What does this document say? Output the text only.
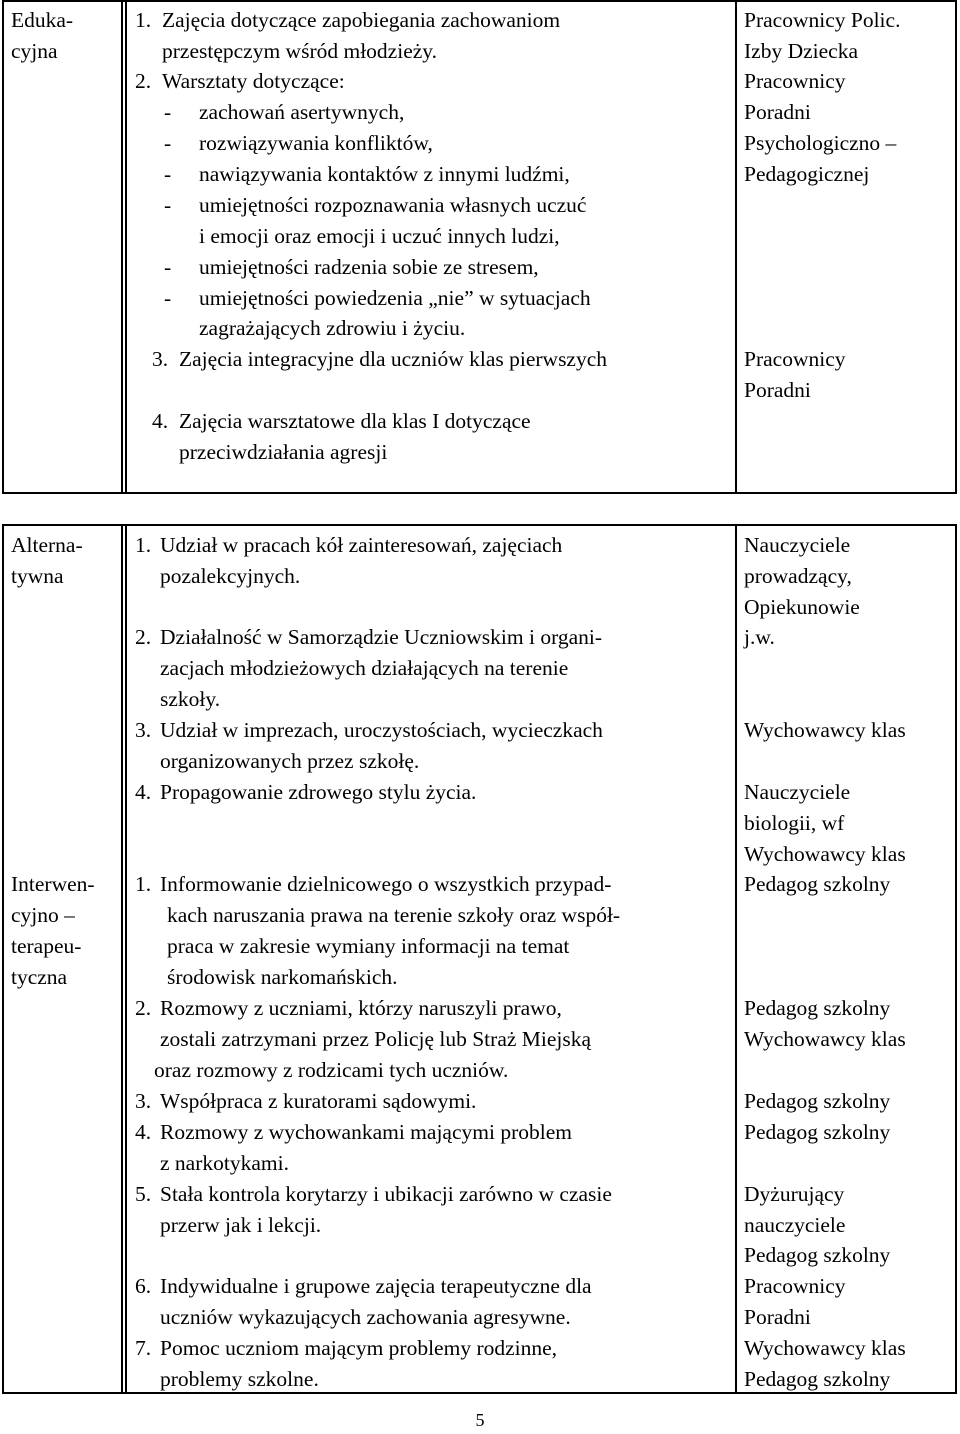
Eduka-
cyjna
1. Zajęcia dotyczące zapobiegania zachowaniom
przestępczym wśród młodzieży.
2. Warsztaty dotyczące:
- zachowań asertywnych,
- rozwiązywania konfliktów,
- nawiązywania kontaktów z innymi ludźmi,
- umiejętności rozpoznawania własnych uczuć
i emocji oraz emocji i uczuć innych ludzi,
- umiejętności radzenia sobie ze stresem,
- umiejętności powiedzenia „nie” w sytuacjach
zagrażających zdrowiu i życiu.
3. Zajęcia integracyjne dla uczniów klas pierwszych
4. Zajęcia warsztatowe dla klas I dotyczące
przeciwdziałania agresji
Pracownicy Polic.
Izby Dziecka
Pracownicy
Poradni
Psychologiczno –
Pedagogicznej
Pracownicy
Poradni
Alterna-
tywna
Interwen-
cyjno –
terapeu-
tyczna
1. Udział w pracach kół zainteresowań, zajęciach
pozalekcyjnych.
2. Działalność w Samorządzie Uczniowskim i organi-
zacjach młodzieżowych działających na terenie
szkoły.
3. Udział w imprezach, uroczystościach, wycieczkach
organizowanych przez szkołę.
4. Propagowanie zdrowego stylu życia.
1. Informowanie dzielnicowego o wszystkich przypad-
kach naruszania prawa na terenie szkoły oraz współ-
praca w zakresie wymiany informacji na temat
środowisk narkomańskich.
2. Rozmowy z uczniami, którzy naruszyli prawo,
zostali zatrzymani przez Policję lub Straż Miejską
oraz rozmowy z rodzicami tych uczniów.
3. Współpraca z kuratorami sądowymi.
4. Rozmowy z wychowankami mającymi problem
z narkotykami.
5. Stała kontrola korytarzy i ubikacji zarówno w czasie
przerw jak i lekcji.
6. Indywidualne i grupowe zajęcia terapeutyczne dla
uczniów wykazujących zachowania agresywne.
7. Pomoc uczniom mającym problemy rodzinne,
problemy szkolne.
Nauczyciele
prowadzący,
Opiekunowie
j.w.
Wychowawcy klas
Nauczyciele
biologii, wf
Wychowawcy klas
Pedagog szkolny
Pedagog szkolny
Wychowawcy klas
Pedagog szkolny
Pedagog szkolny
Dyżurujący
nauczyciele
Pedagog szkolny
Pracownicy
Poradni
Wychowawcy klas
Pedagog szkolny
5
